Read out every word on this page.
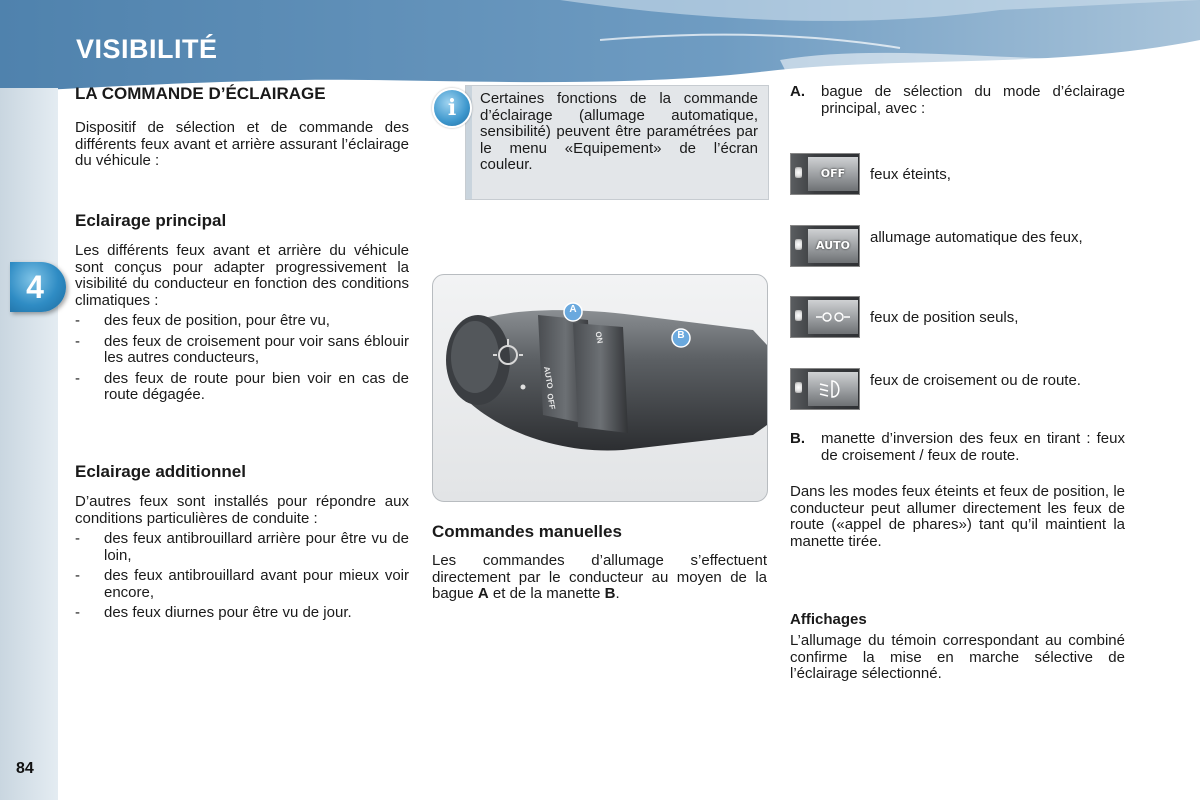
VISIBILITÉ
4
84
LA COMMANDE D’ÉCLAIRAGE

Dispositif de sélection et de commande des différents feux avant et arrière assurant l’éclairage du véhicule :

Eclairage principal

Les différents feux avant et arrière du véhicule sont conçus pour adapter progressivement la visibilité du conducteur en fonction des conditions climatiques :

- des feux de position, pour être vu,
- des feux de croisement pour voir sans éblouir les autres conducteurs,
- des feux de route pour bien voir en cas de route dégagée.
Eclairage additionnel

D’autres feux sont installés pour répondre aux conditions particulières de conduite :

- des feux antibrouillard arrière pour être vu de loin,
- des feux antibrouillard avant pour mieux voir encore,
- des feux diurnes pour être vu de jour.
i	Certaines fonctions de la commande d’éclairage (allumage automatique, sensibilité) peuvent être paramétrées par le menu «Equipement» de l’écran couleur.
A
B
ON
AUTO
OFF
Commandes manuelles

Les commandes d’allumage s’effectuent directement par le conducteur au moyen de la bague A et de la manette B.

A. bague de sélection du mode d’éclairage principal, avec :

OFF	feux éteints,
AUTO	allumage automatique des feux,
feux de position seuls,
feux de croisement ou de route.
B. manette d’inversion des feux en tirant : feux de croisement / feux de route.

Dans les modes feux éteints et feux de position, le conducteur peut allumer directement les feux de route («appel de phares») tant qu’il maintient la manette tirée.

Affichages

L’allumage du témoin correspondant au combiné confirme la mise en marche sélective de l’éclairage sélectionné.
